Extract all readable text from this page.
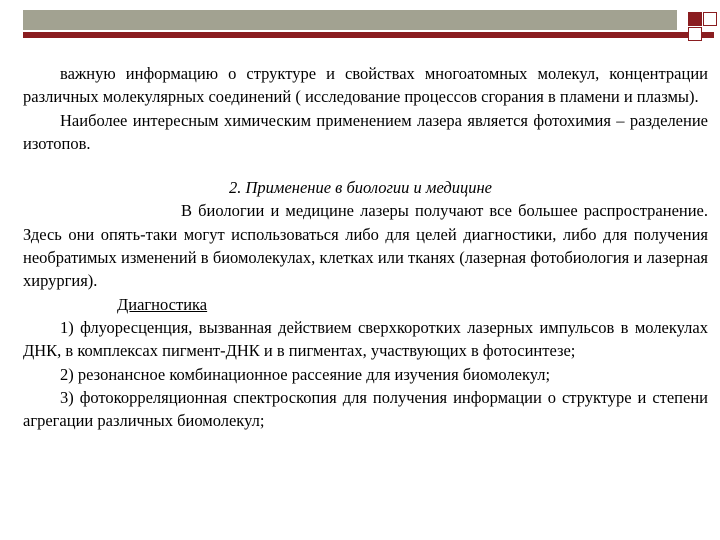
важную информацию о структуре и свойствах многоатомных молекул, концентрации различных молекулярных соединений ( исследование процессов сгорания в пламени и плазмы).

Наиболее интересным химическим применением лазера является фотохимия – разделение изотопов.

2. Применение в биологии и медицине

В биологии и медицине лазеры получают все большее распространение. Здесь они опять-таки могут использоваться либо для целей диагностики, либо для получения необратимых изменений в биомолекулах, клетках или тканях (лазерная фотобиология и лазерная хирургия).

Диагностика

1) флуоресценция, вызванная действием сверхкоротких лазерных импульсов в молекулах ДНК, в комплексах пигмент-ДНК и в пигментах, участвующих в фотосинтезе;

2) резонансное комбинационное рассеяние для изучения биомолекул;

3) фотокорреляционная спектроскопия для получения информации о структуре и степени агрегации различных биомолекул;
